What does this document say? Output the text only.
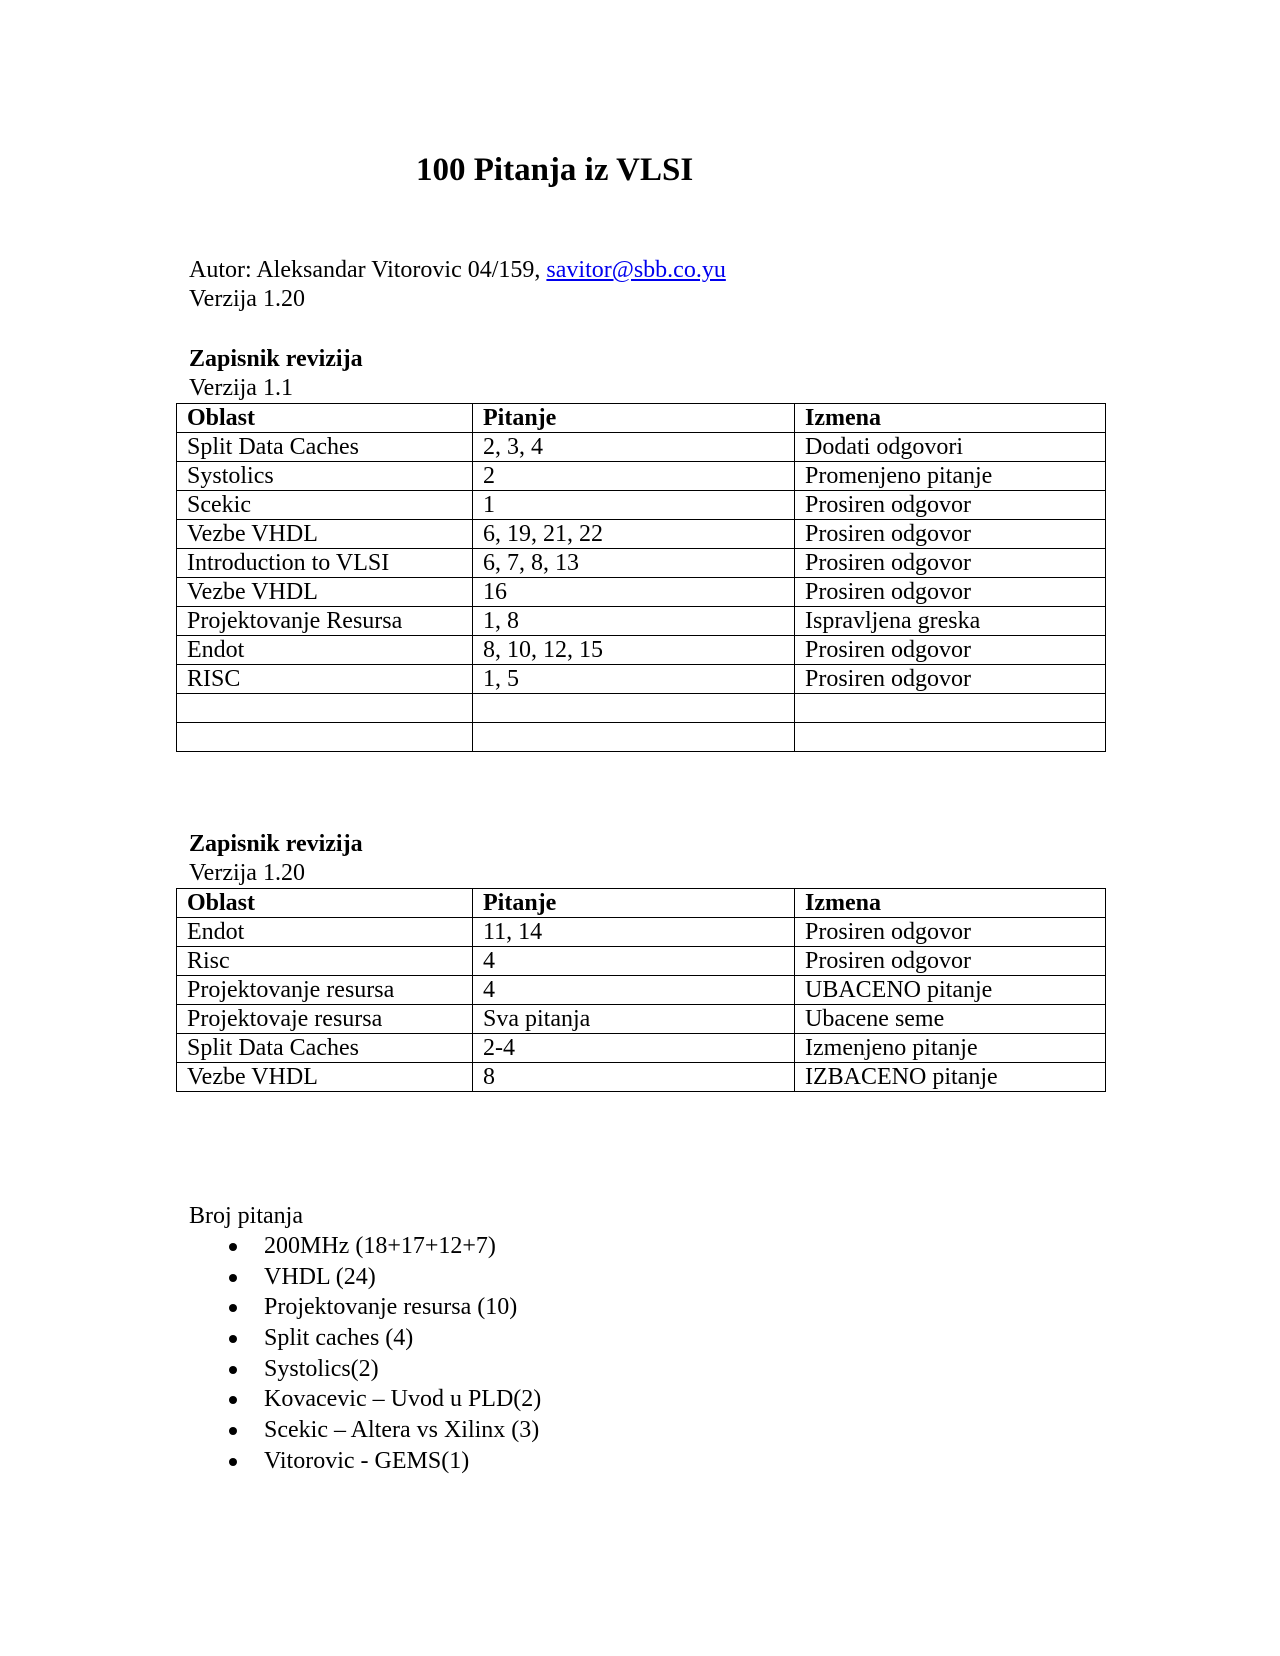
100 Pitanja iz VLSI
Autor: Aleksandar Vitorovic 04/159, savitor@sbb.co.yu
Verzija 1.20
Zapisnik revizija
Verzija 1.1
Oblast	Pitanje	Izmena
Split Data Caches	2, 3, 4	Dodati odgovori
Systolics	2	Promenjeno pitanje
Scekic	1	Prosiren odgovor
Vezbe VHDL	6, 19, 21, 22	Prosiren odgovor
Introduction to VLSI	6, 7, 8, 13	Prosiren odgovor
Vezbe VHDL	16	Prosiren odgovor
Projektovanje Resursa	1, 8	Ispravljena greska
Endot	8, 10, 12, 15	Prosiren odgovor
RISC	1, 5	Prosiren odgovor

Zapisnik revizija
Verzija 1.20
Oblast	Pitanje	Izmena
Endot	11, 14	Prosiren odgovor
Risc	4	Prosiren odgovor
Projektovanje resursa	4	UBACENO pitanje
Projektovaje resursa	Sva pitanja	Ubacene seme
Split Data Caches	2-4	Izmenjeno pitanje
Vezbe VHDL	8	IZBACENO pitanje
Broj pitanja
200MHz (18+17+12+7)
VHDL (24)
Projektovanje resursa (10)
Split caches (4)
Systolics(2)
Kovacevic – Uvod u PLD(2)
Scekic – Altera vs Xilinx (3)
Vitorovic - GEMS(1)
